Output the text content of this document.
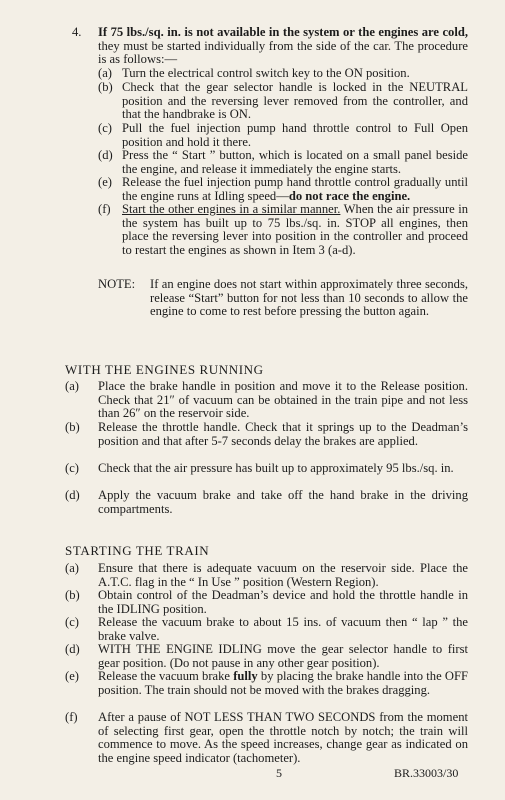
4. If 75 lbs./sq. in. is not available in the system or the engines are cold, they must be started individually from the side of the car. The procedure is as follows:—
(a) Turn the electrical control switch key to the ON position.
(b) Check that the gear selector handle is locked in the NEUTRAL position and the reversing lever removed from the controller, and that the handbrake is ON.
(c) Pull the fuel injection pump hand throttle control to Full Open position and hold it there.
(d) Press the “ Start ” button, which is located on a small panel beside the engine, and release it immediately the engine starts.
(e) Release the fuel injection pump hand throttle control gradually until the engine runs at Idling speed—do not race the engine.
(f) Start the other engines in a similar manner. When the air pressure in the system has built up to 75 lbs./sq. in. STOP all engines, then place the reversing lever into position in the controller and proceed to restart the engines as shown in Item 3 (a-d).
NOTE: If an engine does not start within approximately three seconds, release “Start” button for not less than 10 seconds to allow the engine to come to rest before pressing the button again.
WITH THE ENGINES RUNNING
(a)	Place the brake handle in position and move it to the Release position. Check that 21″ of vacuum can be obtained in the train pipe and not less than 26″ on the reservoir side.
(b)	Release the throttle handle. Check that it springs up to the Deadman’s position and that after 5-7 seconds delay the brakes are applied.
(c)	Check that the air pressure has built up to approximately 95 lbs./sq. in.
(d)	Apply the vacuum brake and take off the hand brake in the driving compartments.
STARTING THE TRAIN
(a)	Ensure that there is adequate vacuum on the reservoir side. Place the A.T.C. flag in the “ In Use ” position (Western Region).
(b)	Obtain control of the Deadman’s device and hold the throttle handle in the IDLING position.
(c)	Release the vacuum brake to about 15 ins. of vacuum then “ lap ” the brake valve.
(d)	WITH THE ENGINE IDLING move the gear selector handle to first gear position. (Do not pause in any other gear position).
(e)	Release the vacuum brake fully by placing the brake handle into the OFF position. The train should not be moved with the brakes dragging.
(f)	After a pause of NOT LESS THAN TWO SECONDS from the moment of selecting first gear, open the throttle notch by notch; the train will commence to move. As the speed increases, change gear as indicated on the engine speed indicator (tachometer).
5	BR.33003/30
